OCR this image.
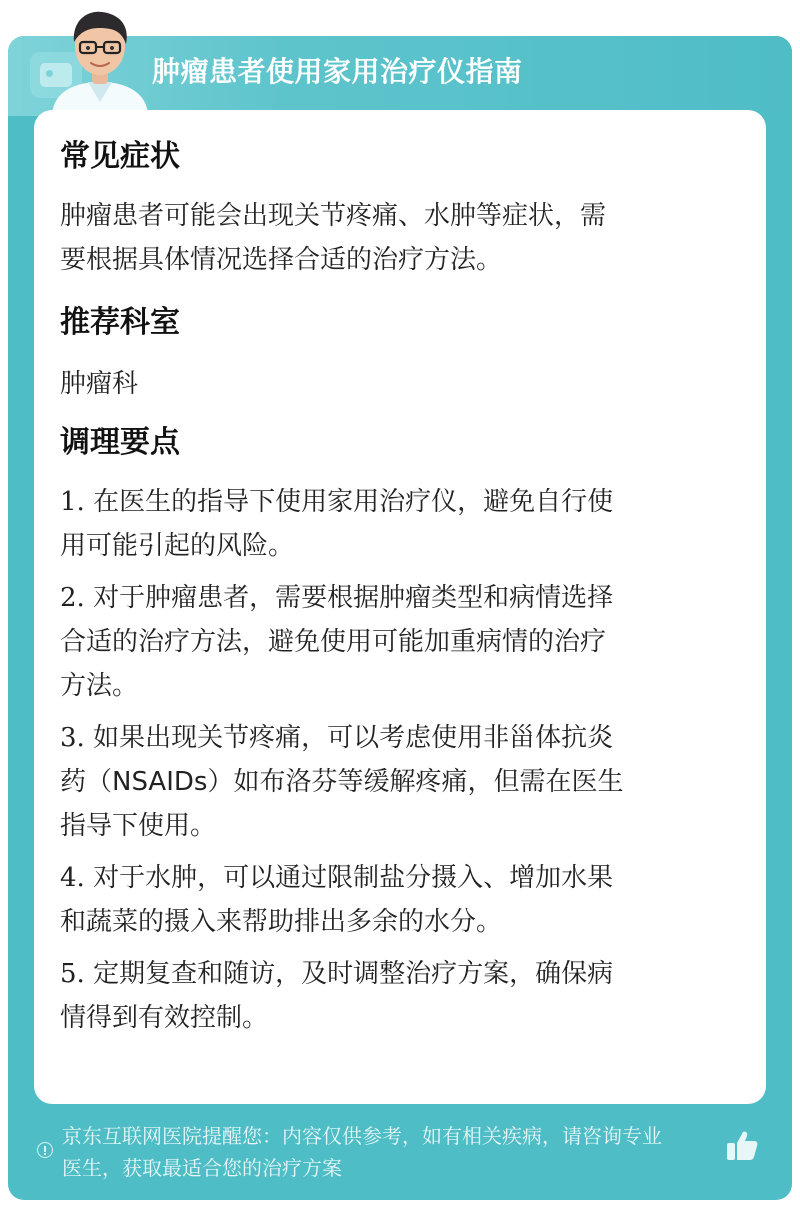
肿瘤患者使用家用治疗仪指南
常见症状

肿瘤患者可能会出现关节疼痛、水肿等症状，需
要根据具体情况选择合适的治疗方法。

推荐科室

肿瘤科

调理要点

1. 在医生的指导下使用家用治疗仪，避免自行使
用可能引起的风险。

2. 对于肿瘤患者，需要根据肿瘤类型和病情选择
合适的治疗方法，避免使用可能加重病情的治疗
方法。

3. 如果出现关节疼痛，可以考虑使用非甾体抗炎
药（NSAIDs）如布洛芬等缓解疼痛，但需在医生
指导下使用。

4. 对于水肿，可以通过限制盐分摄入、增加水果
和蔬菜的摄入来帮助排出多余的水分。

5. 定期复查和随访，及时调整治疗方案，确保病
情得到有效控制。

京东互联网医院提醒您：内容仅供参考，如有相关疾病，请咨询专业
医生，获取最适合您的治疗方案
